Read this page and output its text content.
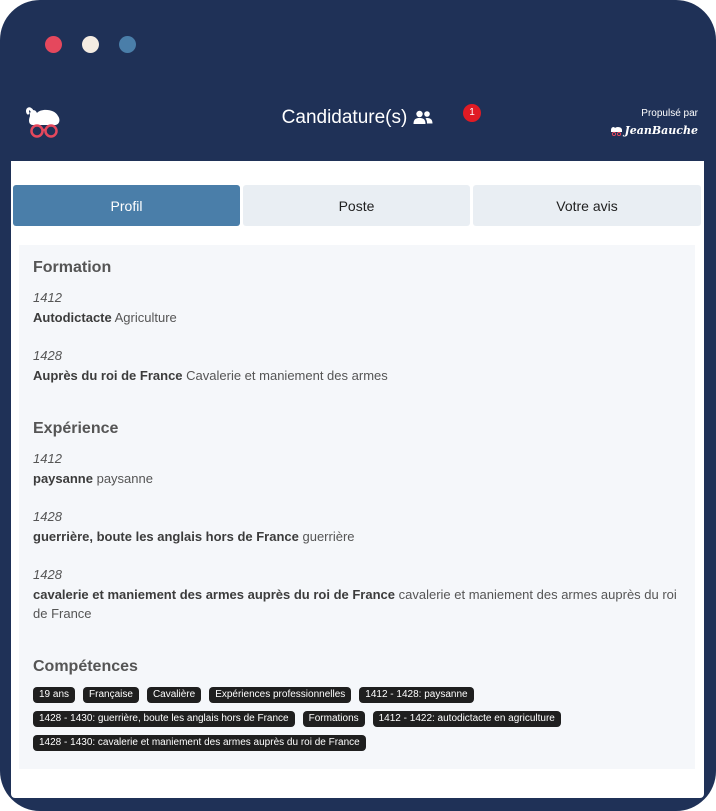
Candidature(s)	1	Propulsé par
JeanBauche
Profil	Poste	Votre avis
Formation
1412
Autodictacte Agriculture
1428
Auprès du roi de France Cavalerie et maniement des armes
Expérience
1412
paysanne paysanne
1428
guerrière, boute les anglais hors de France guerrière
1428
cavalerie et maniement des armes auprès du roi de France cavalerie et maniement des armes auprès du roi de France
Compétences
19 ans	Française	Cavalière	Expériences professionnelles	1412 - 1428: paysanne
1428 - 1430: guerrière, boute les anglais hors de France	Formations	1412 - 1422: autodictacte en agriculture
1428 - 1430: cavalerie et maniement des armes auprès du roi de France
